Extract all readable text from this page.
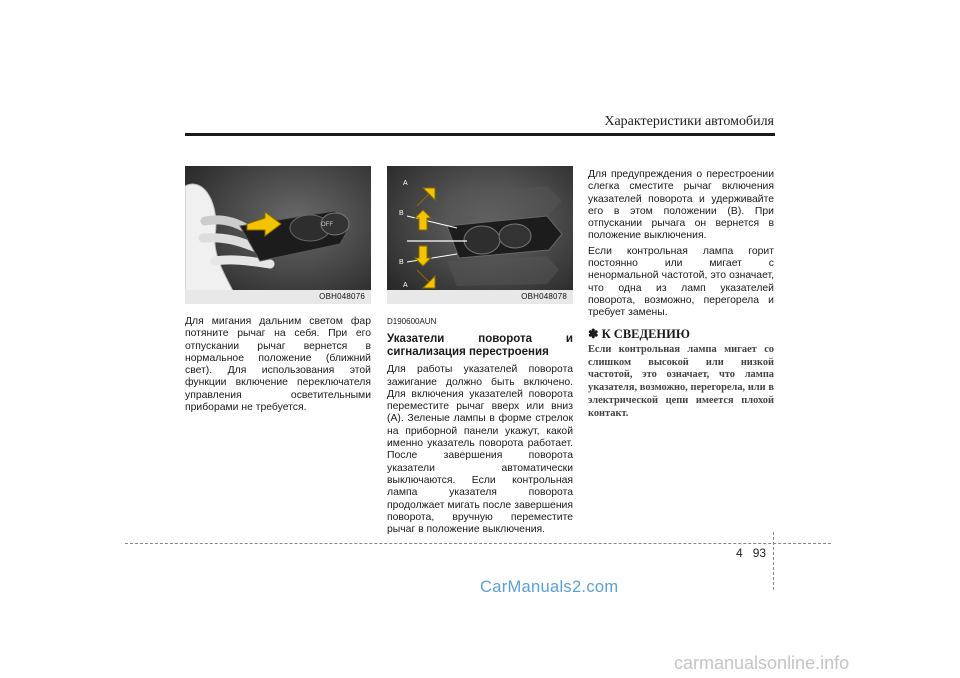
Характеристики автомобиля
OFF
OBH048076
A
B
B
A
OBH048078

Для мигания дальним светом фар потяните рычаг на себя. При его отпускании рычаг вернется в нормальное положение (ближний свет). Для использования этой функции включение переключателя управления осветительными приборами не требуется.

D190600AUN
Указатели поворота и сигнализация перестроения

Для работы указателей поворота зажигание должно быть включено. Для включения указателей поворота переместите рычаг вверх или вниз (A). Зеленые лампы в форме стрелок на приборной панели укажут, какой именно указатель поворота работает. После завершения поворота указатели автоматически выключаются. Если контрольная лампа указателя поворота продолжает мигать после завершения поворота, вручную переместите рычаг в положение выключения.

Для предупреждения о перестроении слегка сместите рычаг включения указателей поворота и удерживайте его в этом положении (B). При отпускании рычага он вернется в положение выключения.

Если контрольная лампа горит постоянно или мигает с ненормальной частотой, это означает, что одна из ламп указателей поворота, возможно, перегорела и требует замены.

✽ К СВЕДЕНИЮ
Если контрольная лампа мигает со слишком высокой или низкой частотой, это означает, что лампа указателя, возможно, перегорела, или в электрической цепи имеется плохой контакт.
4 93
CarManuals2.com
carmanualsonline.info
